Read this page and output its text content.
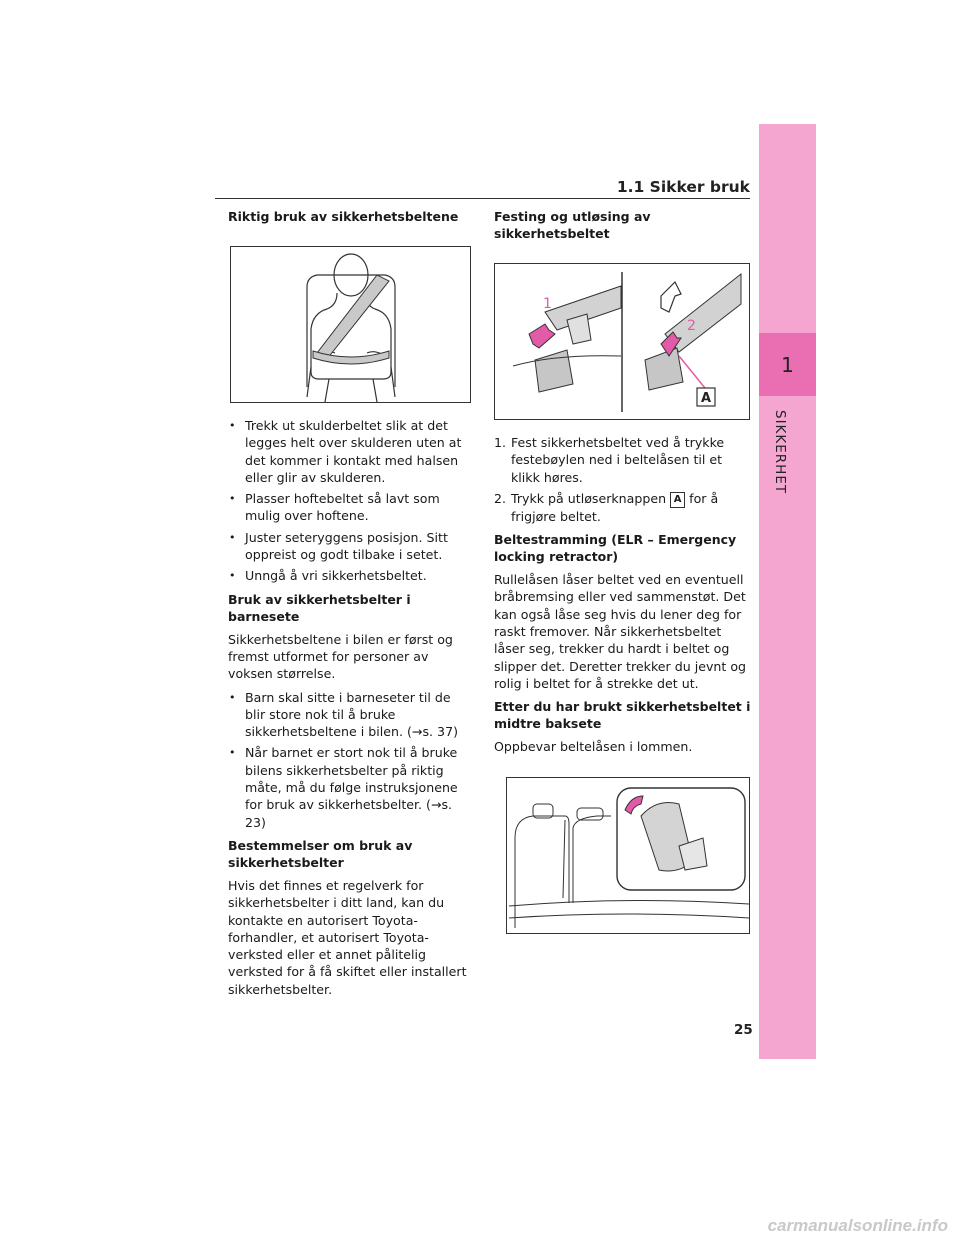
1
SIKKERHET
1.1 Sikker bruk
Riktig bruk av sikkerhetsbeltene
• Trekk ut skulderbeltet slik at det legges helt over skulderen uten at det kommer i kontakt med halsen eller glir av skulderen.
• Plasser hoftebeltet så lavt som mulig over hoftene.
• Juster seteryggens posisjon. Sitt oppreist og godt tilbake i setet.
• Unngå å vri sikkerhetsbeltet.
Bruk av sikkerhetsbelter i barnesete

Sikkerhetsbeltene i bilen er først og fremst utformet for personer av voksen størrelse.

• Barn skal sitte i barneseter til de blir store nok til å bruke sikkerhetsbeltene i bilen. (→s. 37)
• Når barnet er stort nok til å bruke bilens sikkerhetsbelter på riktig måte, må du følge instruksjonene for bruk av sikkerhetsbelter. (→s. 23)
Bestemmelser om bruk av sikkerhetsbelter

Hvis det finnes et regelverk for sikkerhetsbelter i ditt land, kan du kontakte en autorisert Toyota-forhandler, et autorisert Toyota-verksted eller et annet pålitelig verksted for å få skiftet eller installert sikkerhetsbelter.

Festing og utløsing av sikkerhetsbeltet
1
2
A
1. Fest sikkerhetsbeltet ved å trykke festebøylen ned i beltelåsen til et klikk høres.
2. Trykk på utløserknappen A for å frigjøre beltet.
Beltestramming (ELR – Emergency locking retractor)

Rullelåsen låser beltet ved en eventuell bråbremsing eller ved sammenstøt. Det kan også låse seg hvis du lener deg for raskt fremover. Når sikkerhetsbeltet låser seg, trekker du hardt i beltet og slipper det. Deretter trekker du jevnt og rolig i beltet for å strekke det ut.

Etter du har brukt sikkerhetsbeltet i midtre baksete

Oppbevar beltelåsen i lommen.

25
carmanualsonline.info
